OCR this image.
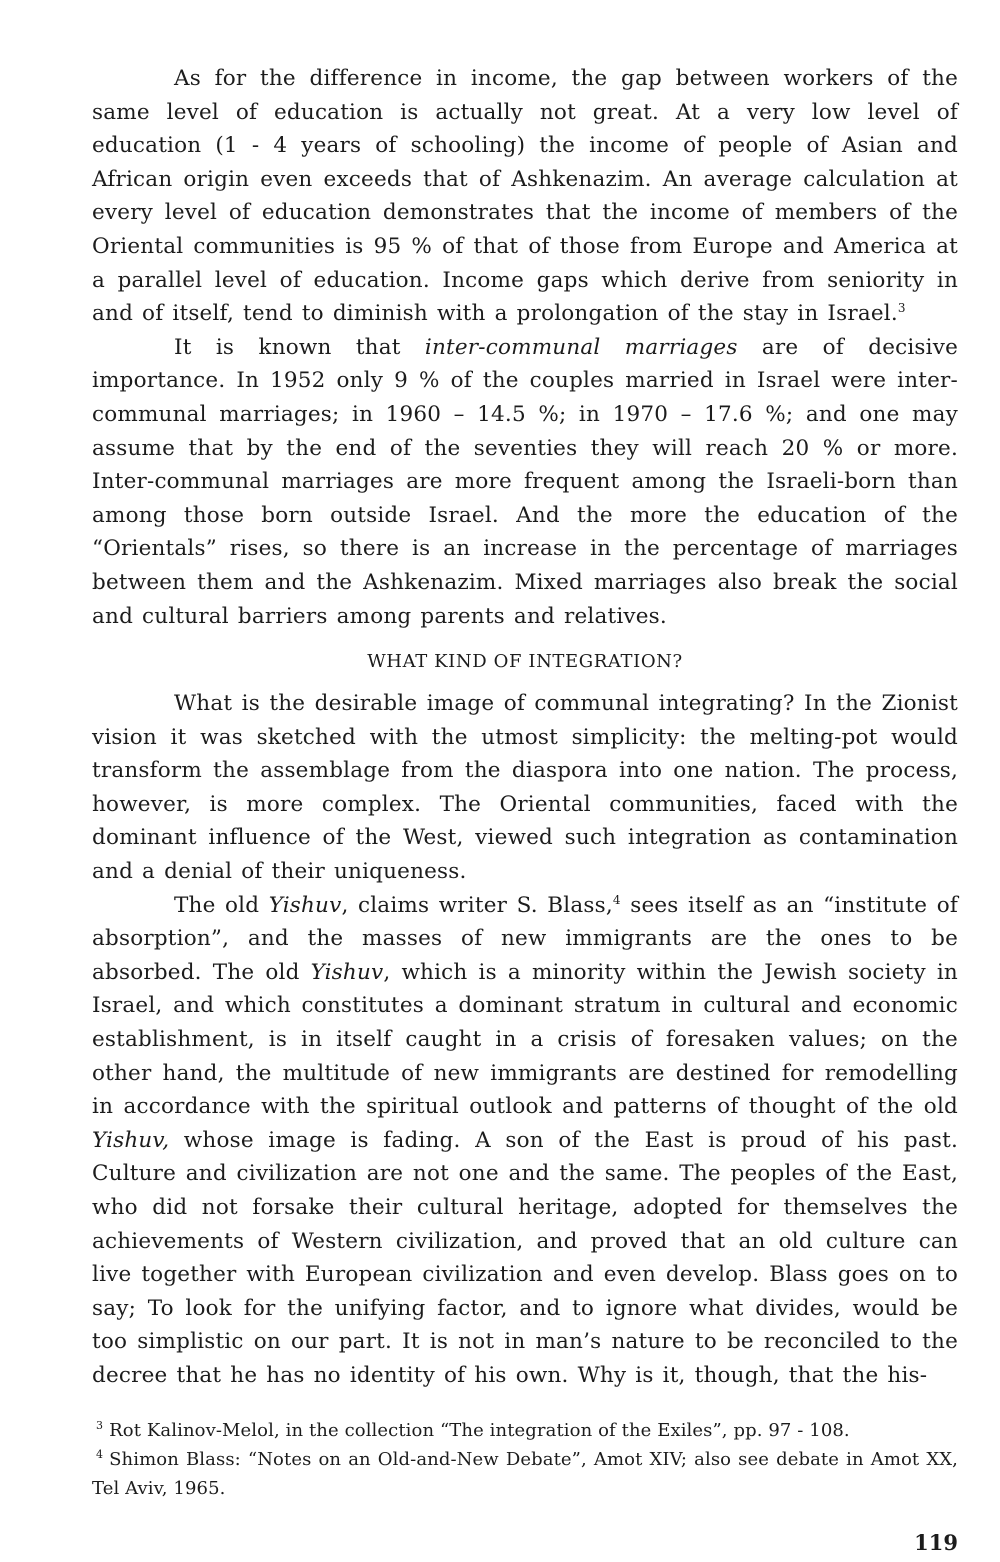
As for the difference in income, the gap between workers of the same level of education is actually not great. At a very low level of education (1 - 4 years of schooling) the income of people of Asian and African origin even exceeds that of Ashkenazim. An average calculation at every level of education demonstrates that the income of members of the Oriental communities is 95 % of that of those from Europe and America at a parallel level of education. Income gaps which derive from seniority in and of itself, tend to diminish with a prolongation of the stay in Israel.$^3$

It is known that inter-communal marriages are of decisive importance. In 1952 only 9 % of the couples married in Israel were inter-communal marriages; in 1960 – 14.5 %; in 1970 – 17.6 %; and one may assume that by the end of the seventies they will reach 20 % or more. Inter-communal marriages are more frequent among the Israeli-born than among those born outside Israel. And the more the education of the “Orientals” rises, so there is an increase in the percentage of marriages between them and the Ashkenazim. Mixed marriages also break the social and cultural barriers among parents and relatives.

WHAT KIND OF INTEGRATION?

What is the desirable image of communal integrating? In the Zionist vision it was sketched with the utmost simplicity: the melting-pot would transform the assemblage from the diaspora into one nation. The process, however, is more complex. The Oriental communities, faced with the dominant influence of the West, viewed such integration as contamination and a denial of their uniqueness.

The old Yishuv, claims writer S. Blass,$^4$ sees itself as an “institute of absorption”, and the masses of new immigrants are the ones to be absorbed. The old Yishuv, which is a minority within the Jewish society in Israel, and which constitutes a dominant stratum in cultural and economic establishment, is in itself caught in a crisis of foresaken values; on the other hand, the multitude of new immigrants are destined for remodelling in accordance with the spiritual outlook and patterns of thought of the old Yishuv, whose image is fading. A son of the East is proud of his past. Culture and civilization are not one and the same. The peoples of the East, who did not forsake their cultural heritage, adopted for themselves the achievements of Western civilization, and proved that an old culture can live together with European civilization and even develop. Blass goes on to say; To look for the unifying factor, and to ignore what divides, would be too simplistic on our part. It is not in man’s nature to be reconciled to the decree that he has no identity of his own. Why is it, though, that the his-

3 Rot Kalinov-Melol, in the collection “The integration of the Exiles”, pp. 97 - 108.

4 Shimon Blass: “Notes on an Old-and-New Debate”, Amot XIV; also see debate in Amot XX, Tel Aviv, 1965.

119
